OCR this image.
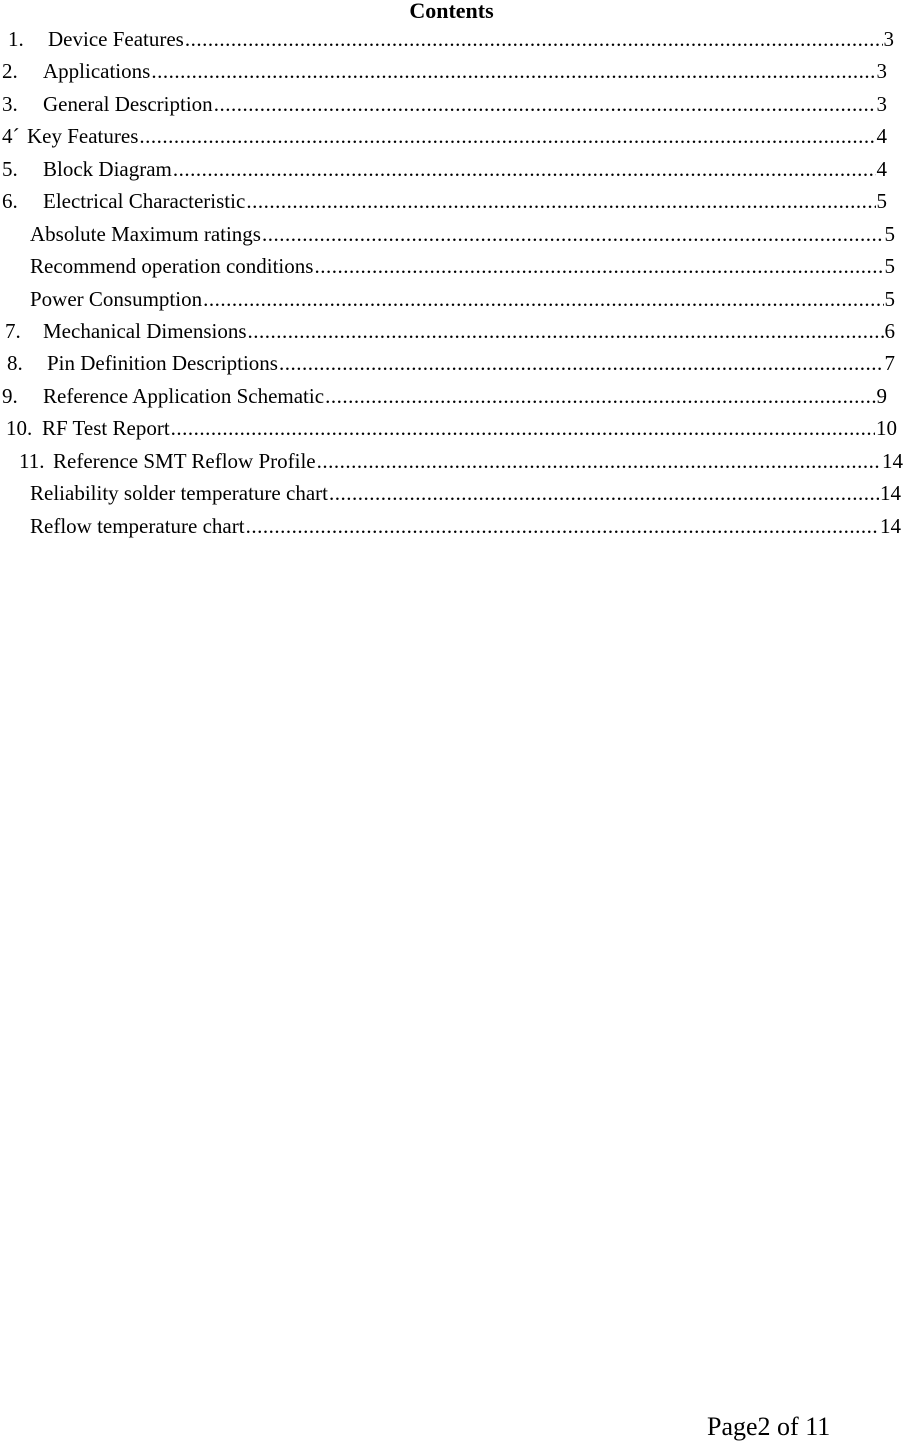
Contents
1.	Device Features .....	3
2.	Applications .....	3
3.	General Description .....	3
4´ Key Features .....	4
5.	Block Diagram .....	4
6.	Electrical Characteristic .....	5
Absolute Maximum ratings .....	5
Recommend operation conditions .....	5
Power Consumption .....	5
7.	Mechanical Dimensions .....	6
8.	Pin Definition Descriptions .....	7
9.	Reference Application Schematic .....	9
10. RF Test Report .....	10
11. Reference SMT Reflow Profile .....	14
Reliability solder temperature chart .....	14
Reflow temperature chart .....	14
Page2 of 11
